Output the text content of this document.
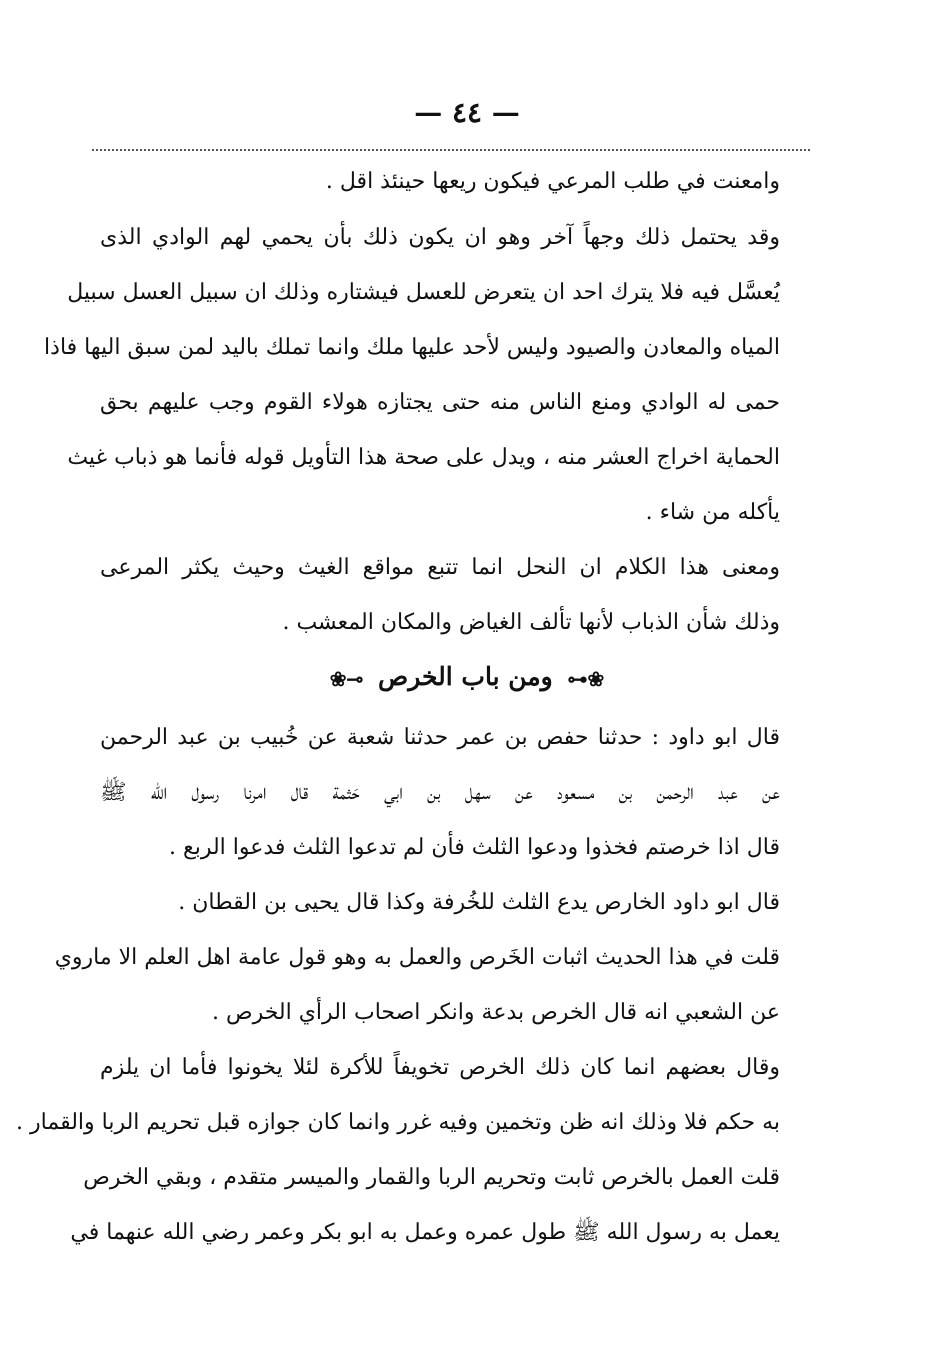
— ٤٤ —
وامعنت في طلب المرعي فيكون ريعها حينئذ اقل .
وقد يحتمل ذلك وجهاً آخر وهو ان يكون ذلك بأن يحمي لهم الوادي الذى
يُعسَّل فيه فلا يترك احد ان يتعرض للعسل فيشتاره وذلك ان سبيل العسل سبيل
المياه والمعادن والصيود وليس لأحد عليها ملك وانما تملك باليد لمن سبق اليها فاذا
حمى له الوادي ومنع الناس منه حتى يجتازه هولاء القوم وجب عليهم بحق
الحماية اخراج العشر منه ، ويدل على صحة هذا التأويل قوله فأنما هو ذباب غيث
يأكله من شاء .
ومعنى هذا الكلام ان النحل انما تتبع مواقع الغيث وحيث يكثر المرعى
وذلك شأن الذباب لأنها تألف الغياض والمكان المعشب .
❀⊷ ومن باب الخرص ⊸❀
قال ابو داود : حدثنا حفص بن عمر حدثنا شعبة عن خُبيب بن عبد الرحمن
عن عبد الرحمن بن مسعود عن سهل بن ابي حَثمة قال امرنا رسول الله ﷺ
قال اذا خرصتم فخذوا ودعوا الثلث فأن لم تدعوا الثلث فدعوا الربع .
قال ابو داود الخارص يدع الثلث للخُرفة وكذا قال يحيى بن القطان .
قلت في هذا الحديث اثبات الخَرص والعمل به وهو قول عامة اهل العلم الا ماروي
عن الشعبي انه قال الخرص بدعة وانكر اصحاب الرأي الخرص .
وقال بعضهم انما كان ذلك الخرص تخويفاً للأكرة لئلا يخونوا فأما ان يلزم
به حكم فلا وذلك انه ظن وتخمين وفيه غرر وانما كان جوازه قبل تحريم الربا والقمار .
قلت العمل بالخرص ثابت وتحريم الربا والقمار والميسر متقدم ، وبقي الخرص
يعمل به رسول الله ﷺ طول عمره وعمل به ابو بكر وعمر رضي الله عنهما في
